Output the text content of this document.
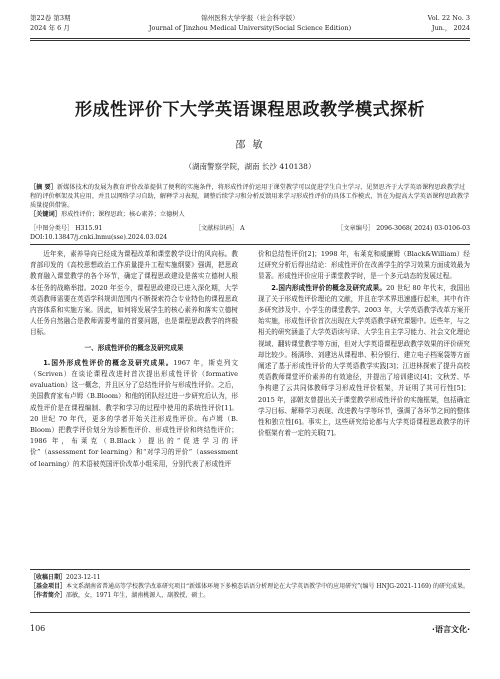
第22卷 第3期
2024 年 6 月
锦州医科大学学报（社会科学版）
Journal of Jinzhou Medical University(Social Science Edition)
Vol. 22 No. 3
Jun.， 2024
形成性评价下大学英语课程思政教学模式探析
邵 敏
（湖南警察学院，湖南 长沙 410138）
［摘 要］新媒体技术的发展为教育评价改革提供了便利的实施条件，将形成性评价运用于课堂教学可以促进学生自主学习、见贤思齐于大学英语课程思政教学过程的评价框架及其应用，并且以网络学习自助，解释学习表现，调整后续学习和分析反馈用来学习形成性评价的具体工作模式，旨在为提高大学英语课程思政教学质量提供借鉴。
［关键词］形成性评价；课程思政；核心素养；立德树人
［中图分类号］ H315.91	［文献标识码］ A	［文章编号］ 2096-3068( 2024) 03-0106-03
DOI:10.13847/j.cnki.lnmu(sse).2024.03.024

近年来，素养导向已经成为课程改革和课堂教学设计的风向标。教育部印发的《高校思想政治工作质量提升工程实施纲要》强调，把思政教育融入课堂教学的各个环节，确定了课程思政建设是落实立德树人根本任务的战略举措。2020 年至今，课程思政建设已进入深化期，大学英语教师需要在英语学科规训范围内不断探索符合专业特色的课程思政内容体系和实施方案。因此，如何将发展学生的核心素养和落实立德树人任务自然融合是教师需要考量的首要问题，也是课程思政教学的终极目标。

一、形成性评价的概念及研究成果

1.国外形成性评价的概念及研究成果。1967 年，斯克列文（Scriven）在谈论课程改进时首次提出形成性评价（formative evaluation）这一概念，并且区分了总结性评价与形成性评价。之后，美国教育家布卢姆（B.Bloom）和他的团队经过进一步研究后认为，形成性评价是在课程编制、教学和学习的过程中使用的系统性评价[1]。20 世纪 70 年代，更多的学者开始关注形成性评价。布卢姆（B. Bloom）把教学评价划分为诊断性评价、形成性评价和终结性评价；1986 年，布莱克（B.Black）提出的“促进学习的评价”（assessment for learning）和“对学习的评价”（assessment of learning）的术语被英国评价改革小组采用，分别代表了形成性评

价和总结性评价[2]；1998 年，布莱克和威廉姆（Black&William）经过研究分析后得出结论：形成性评价在改善学生的学习效果方面成效最为显著。形成性评价应用于课堂教学时，是一个多元动态的发展过程。

2.国内形成性评价的概念及研究成果。20 世纪 80 年代末，我国出现了关于形成性评价理论的文献，并且在学术界迅速盛行起来，其中有许多研究涉及中、小学生的课堂教学。2003 年，大学英语教学改革方案开始实施，形成性评价首次出现在大学英语教学研究课题中。近些年，与之相关的研究涵盖了大学英语读写译、大学生自主学习能力、社会文化理论视域、翻转课堂教学等方面，但对大学英语课程思政教学效果的评价研究却比较少。杨满珍、刘建达从课程串、积分银行、建立电子档案袋等方面阐述了基于形成性评价的大学英语教学实践[3]；江进林探索了提升高校英语教师课堂评价素养的有效途径，并提出了培训建议[4]；文秋芳、毕争构建了云共同体教师学习形成性评价框架，并证明了其可行性[5]；2015 年，邵朝友曾提出关于课堂教学形成性评价的实施框架，包括确定学习目标、解释学习表现、改进教与学等环节，强调了各环节之间的整体性和独立性[6]。事实上，这些研究给论都与大学英语课程思政教学的评价框架有着一定的关联[7]。

［收稿日期］2023-12-11
［基金项目］本文系湖南省普通高等学校教学改革研究项目“新媒体环境下多模态话语分析理论在大学英语教学中的应用研究”(编号 HNJG-2021-1169) 的研究成果。
［作者简介］邵敏，女，1971 年生，湖南桃源人，副教授，硕士。
106	·语言文化·
